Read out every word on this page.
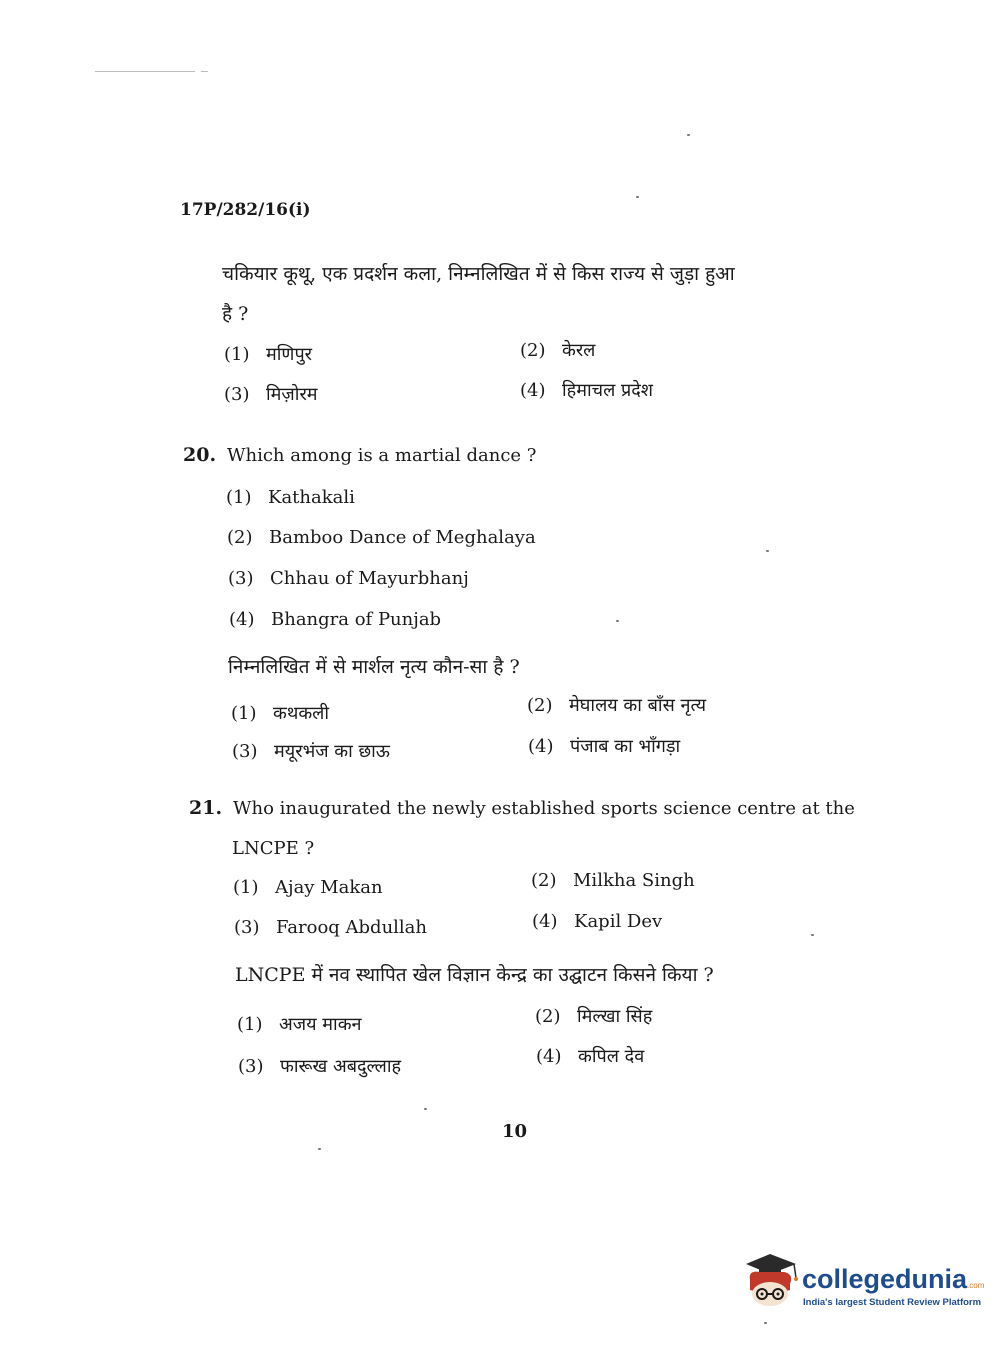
17P/282/16(i)
चकियार कूथू, एक प्रदर्शन कला, निम्नलिखित में से किस राज्य से जुड़ा हुआ
है ?
(1) मणिपुर	(2) केरल
(3) मिज़ोरम	(4) हिमाचल प्रदेश
20. Which among is a martial dance ?
(1) Kathakali
(2) Bamboo Dance of Meghalaya
(3) Chhau of Mayurbhanj
(4) Bhangra of Punjab
निम्नलिखित में से मार्शल नृत्य कौन-सा है ?
(1) कथकली	(2) मेघालय का बाँस नृत्य
(3) मयूरभंज का छाऊ	(4) पंजाब का भाँगड़ा
21. Who inaugurated the newly established sports science centre at the
LNCPE ?
(1) Ajay Makan	(2) Milkha Singh
(3) Farooq Abdullah	(4) Kapil Dev
LNCPE में नव स्थापित खेल विज्ञान केन्द्र का उद्घाटन किसने किया ?
(1) अजय माकन	(2) मिल्खा सिंह
(3) फारूख अबदुल्लाह	(4) कपिल देव
10
collegedunia.com
India's largest Student Review Platform
